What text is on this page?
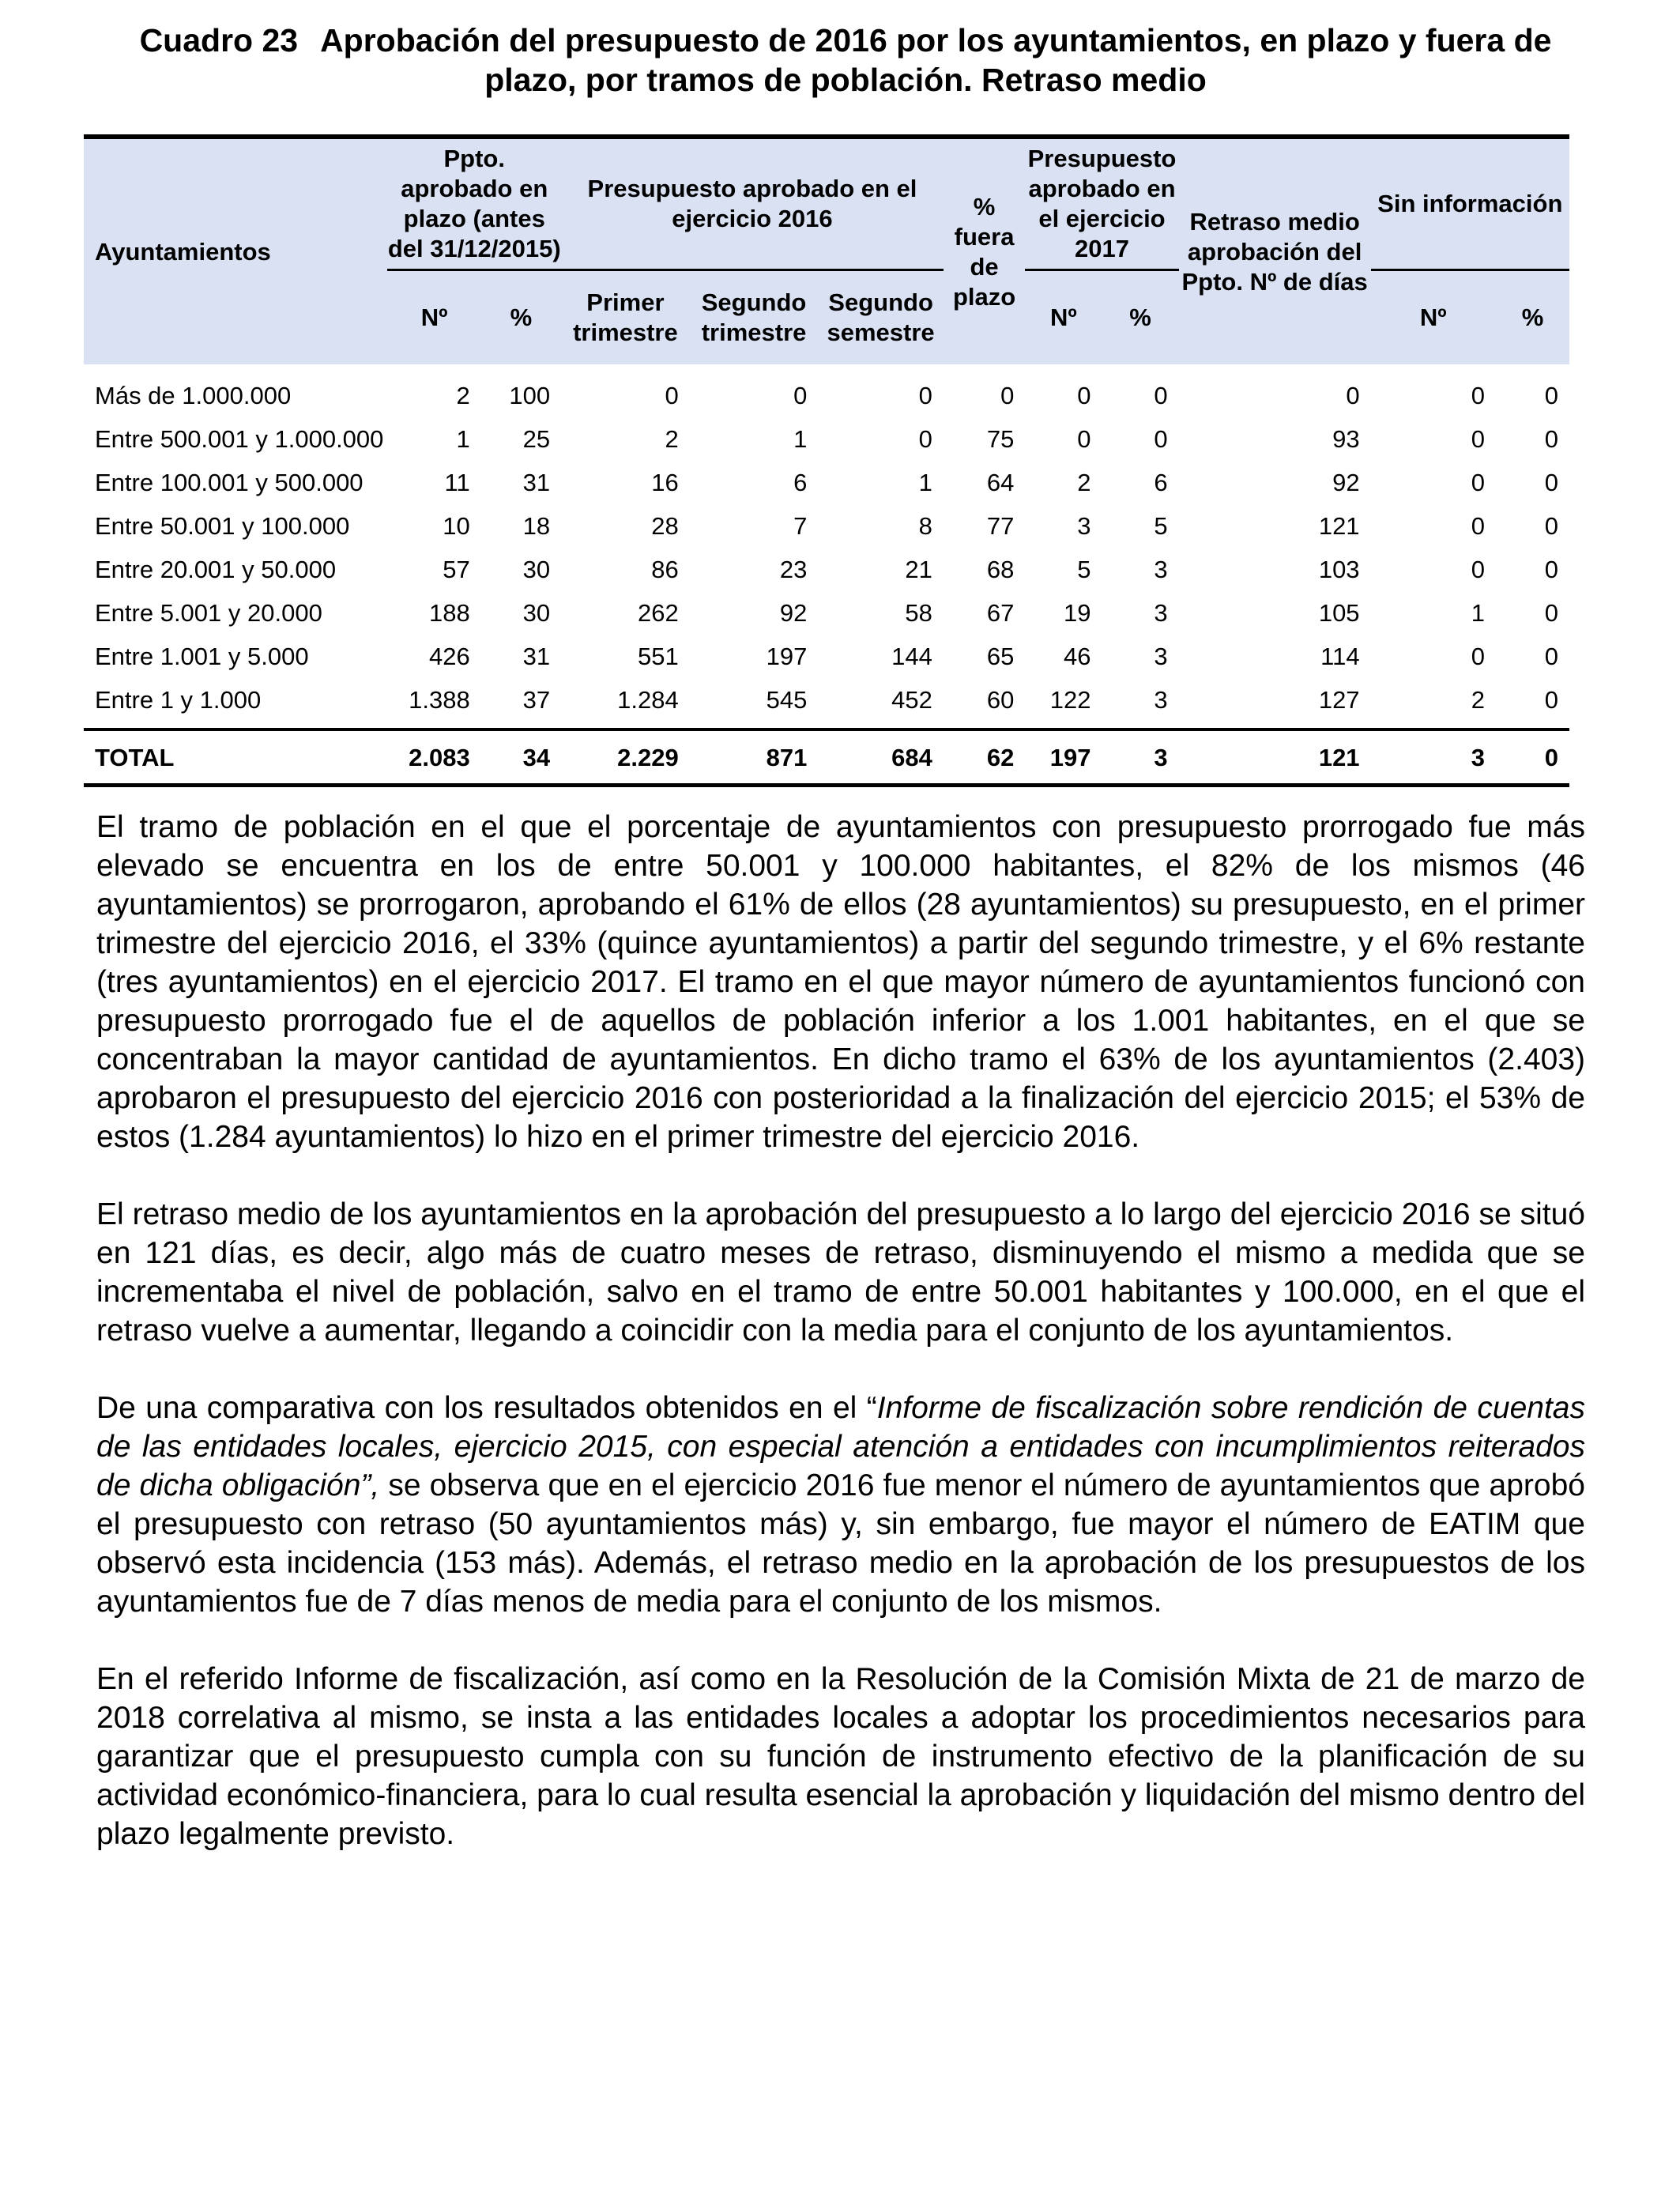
Cuadro 23 Aprobación del presupuesto de 2016 por los ayuntamientos, en plazo y fuera de plazo, por tramos de población. Retraso medio
Ayuntamientos	Ppto. aprobado en plazo (antes del 31/12/2015)		Presupuesto aprobado en el ejercicio 2016			% fuera de plazo	Presupuesto aprobado en el ejercicio 2017		Retraso medio aprobación del Ppto. Nº de días	Sin información	
	Nº	%	Primer trimestre	Segundo trimestre	Segundo semestre		Nº	%		Nº	%

Más de 1.000.000	2	100	0	0	0	0	0	0	0	0	0
Entre 500.001 y 1.000.000	1	25	2	1	0	75	0	0	93	0	0
Entre 100.001 y 500.000	11	31	16	6	1	64	2	6	92	0	0
Entre 50.001 y 100.000	10	18	28	7	8	77	3	5	121	0	0
Entre 20.001 y 50.000	57	30	86	23	21	68	5	3	103	0	0
Entre 5.001 y 20.000	188	30	262	92	58	67	19	3	105	1	0
Entre 1.001 y 5.000	426	31	551	197	144	65	46	3	114	0	0
Entre 1 y 1.000	1.388	37	1.284	545	452	60	122	3	127	2	0
TOTAL	2.083	34	2.229	871	684	62	197	3	121	3	0

El tramo de población en el que el porcentaje de ayuntamientos con presupuesto prorrogado fue más elevado se encuentra en los de entre 50.001 y 100.000 habitantes, el 82% de los mismos (46 ayuntamientos) se prorrogaron, aprobando el 61% de ellos (28 ayuntamientos) su presupuesto, en el primer trimestre del ejercicio 2016, el 33% (quince ayuntamientos) a partir del segundo trimestre, y el 6% restante (tres ayuntamientos) en el ejercicio 2017. El tramo en el que mayor número de ayuntamientos funcionó con presupuesto prorrogado fue el de aquellos de población inferior a los 1.001 habitantes, en el que se concentraban la mayor cantidad de ayuntamientos. En dicho tramo el 63% de los ayuntamientos (2.403) aprobaron el presupuesto del ejercicio 2016 con posterioridad a la finalización del ejercicio 2015; el 53% de estos (1.284 ayuntamientos) lo hizo en el primer trimestre del ejercicio 2016.

El retraso medio de los ayuntamientos en la aprobación del presupuesto a lo largo del ejercicio 2016 se situó en 121 días, es decir, algo más de cuatro meses de retraso, disminuyendo el mismo a medida que se incrementaba el nivel de población, salvo en el tramo de entre 50.001 habitantes y 100.000, en el que el retraso vuelve a aumentar, llegando a coincidir con la media para el conjunto de los ayuntamientos.

De una comparativa con los resultados obtenidos en el “Informe de fiscalización sobre rendición de cuentas de las entidades locales, ejercicio 2015, con especial atención a entidades con incumplimientos reiterados de dicha obligación”, se observa que en el ejercicio 2016 fue menor el número de ayuntamientos que aprobó el presupuesto con retraso (50 ayuntamientos más) y, sin embargo, fue mayor el número de EATIM que observó esta incidencia (153 más). Además, el retraso medio en la aprobación de los presupuestos de los ayuntamientos fue de 7 días menos de media para el conjunto de los mismos.

En el referido Informe de fiscalización, así como en la Resolución de la Comisión Mixta de 21 de marzo de 2018 correlativa al mismo, se insta a las entidades locales a adoptar los procedimientos necesarios para garantizar que el presupuesto cumpla con su función de instrumento efectivo de la planificación de su actividad económico-financiera, para lo cual resulta esencial la aprobación y liquidación del mismo dentro del plazo legalmente previsto.
